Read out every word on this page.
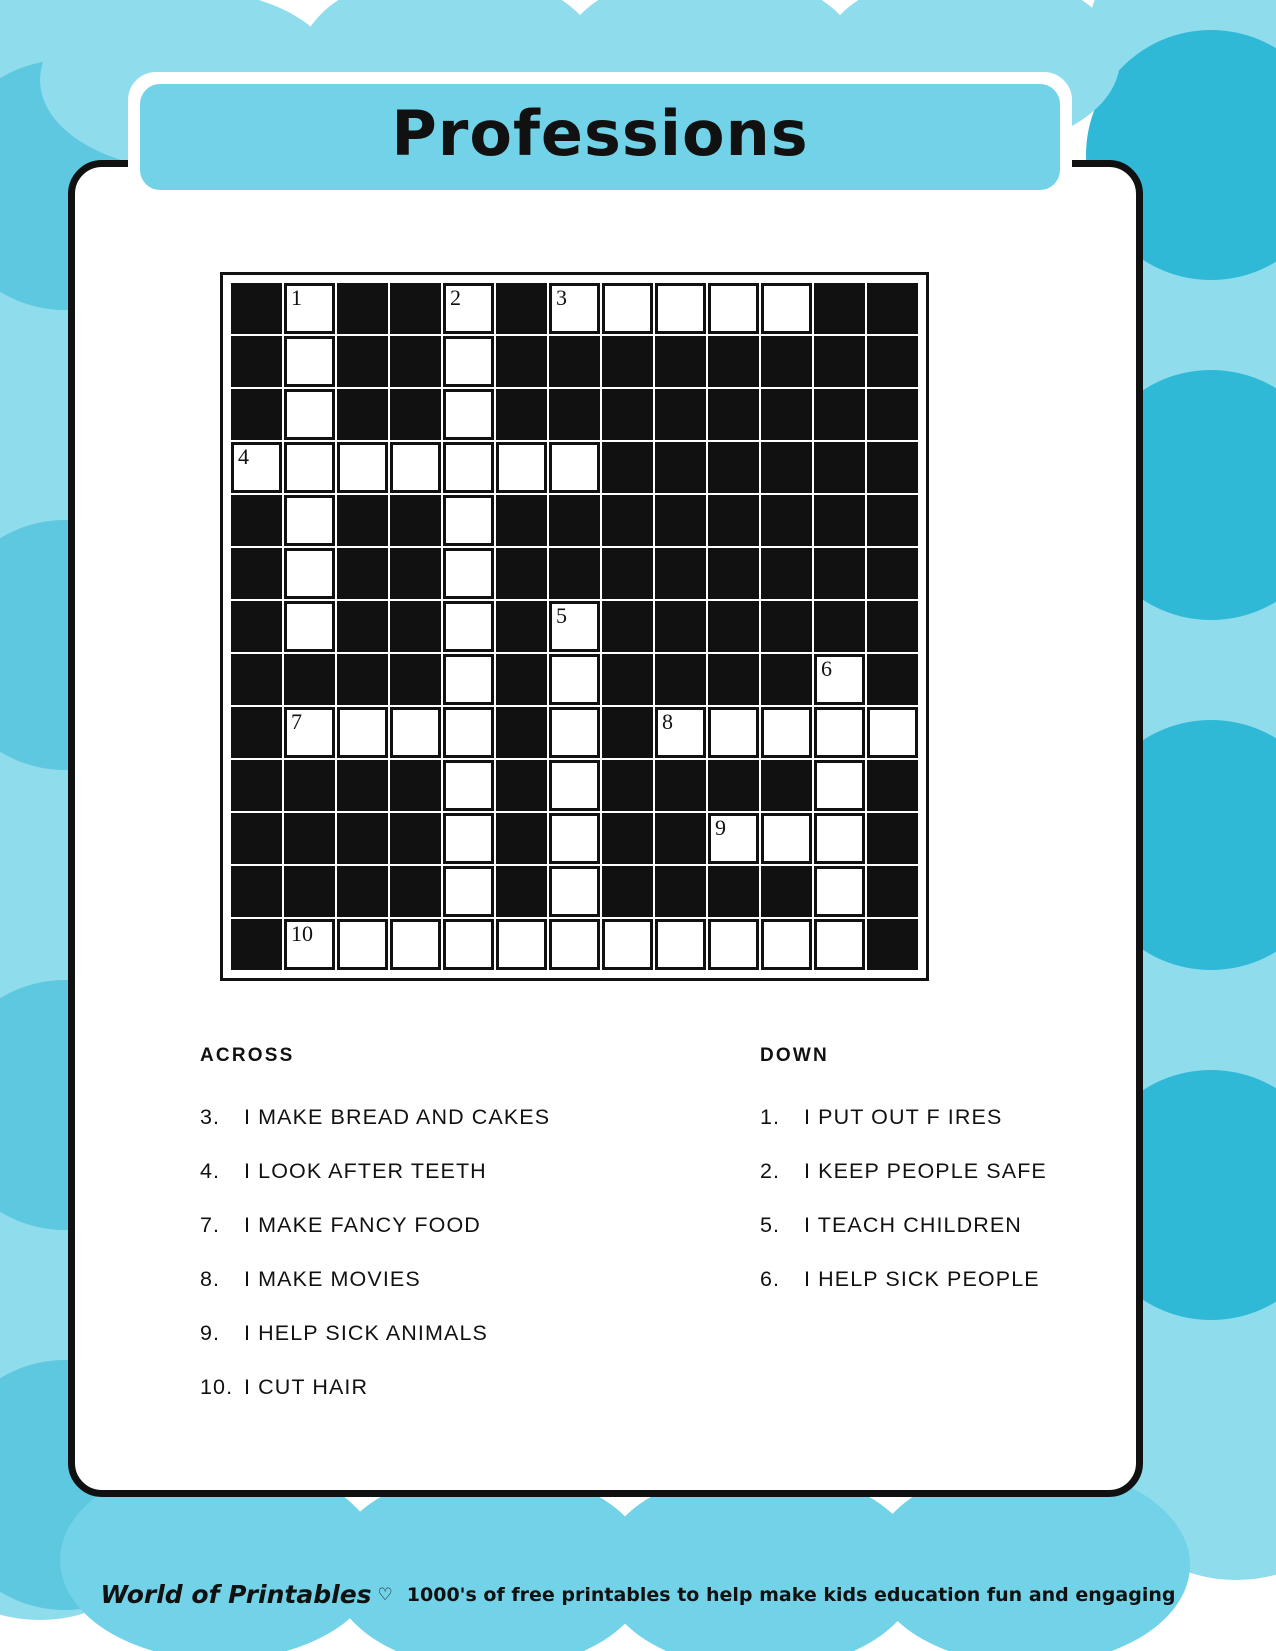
Professions
1	2	3
4
5
6
7	8
9
10
ACROSS
3.	I MAKE BREAD AND CAKES
4.	I LOOK AFTER TEETH
7.	I MAKE FANCY FOOD
8.	I MAKE MOVIES
9.	I HELP SICK ANIMALS
10. I CUT HAIR
DOWN
1.	I PUT OUT F IRES
2.	I KEEP PEOPLE SAFE
5.	I TEACH CHILDREN
6.	I HELP SICK PEOPLE
World of Printables ♡ 1000's of free printables to help make kids education fun and engaging
